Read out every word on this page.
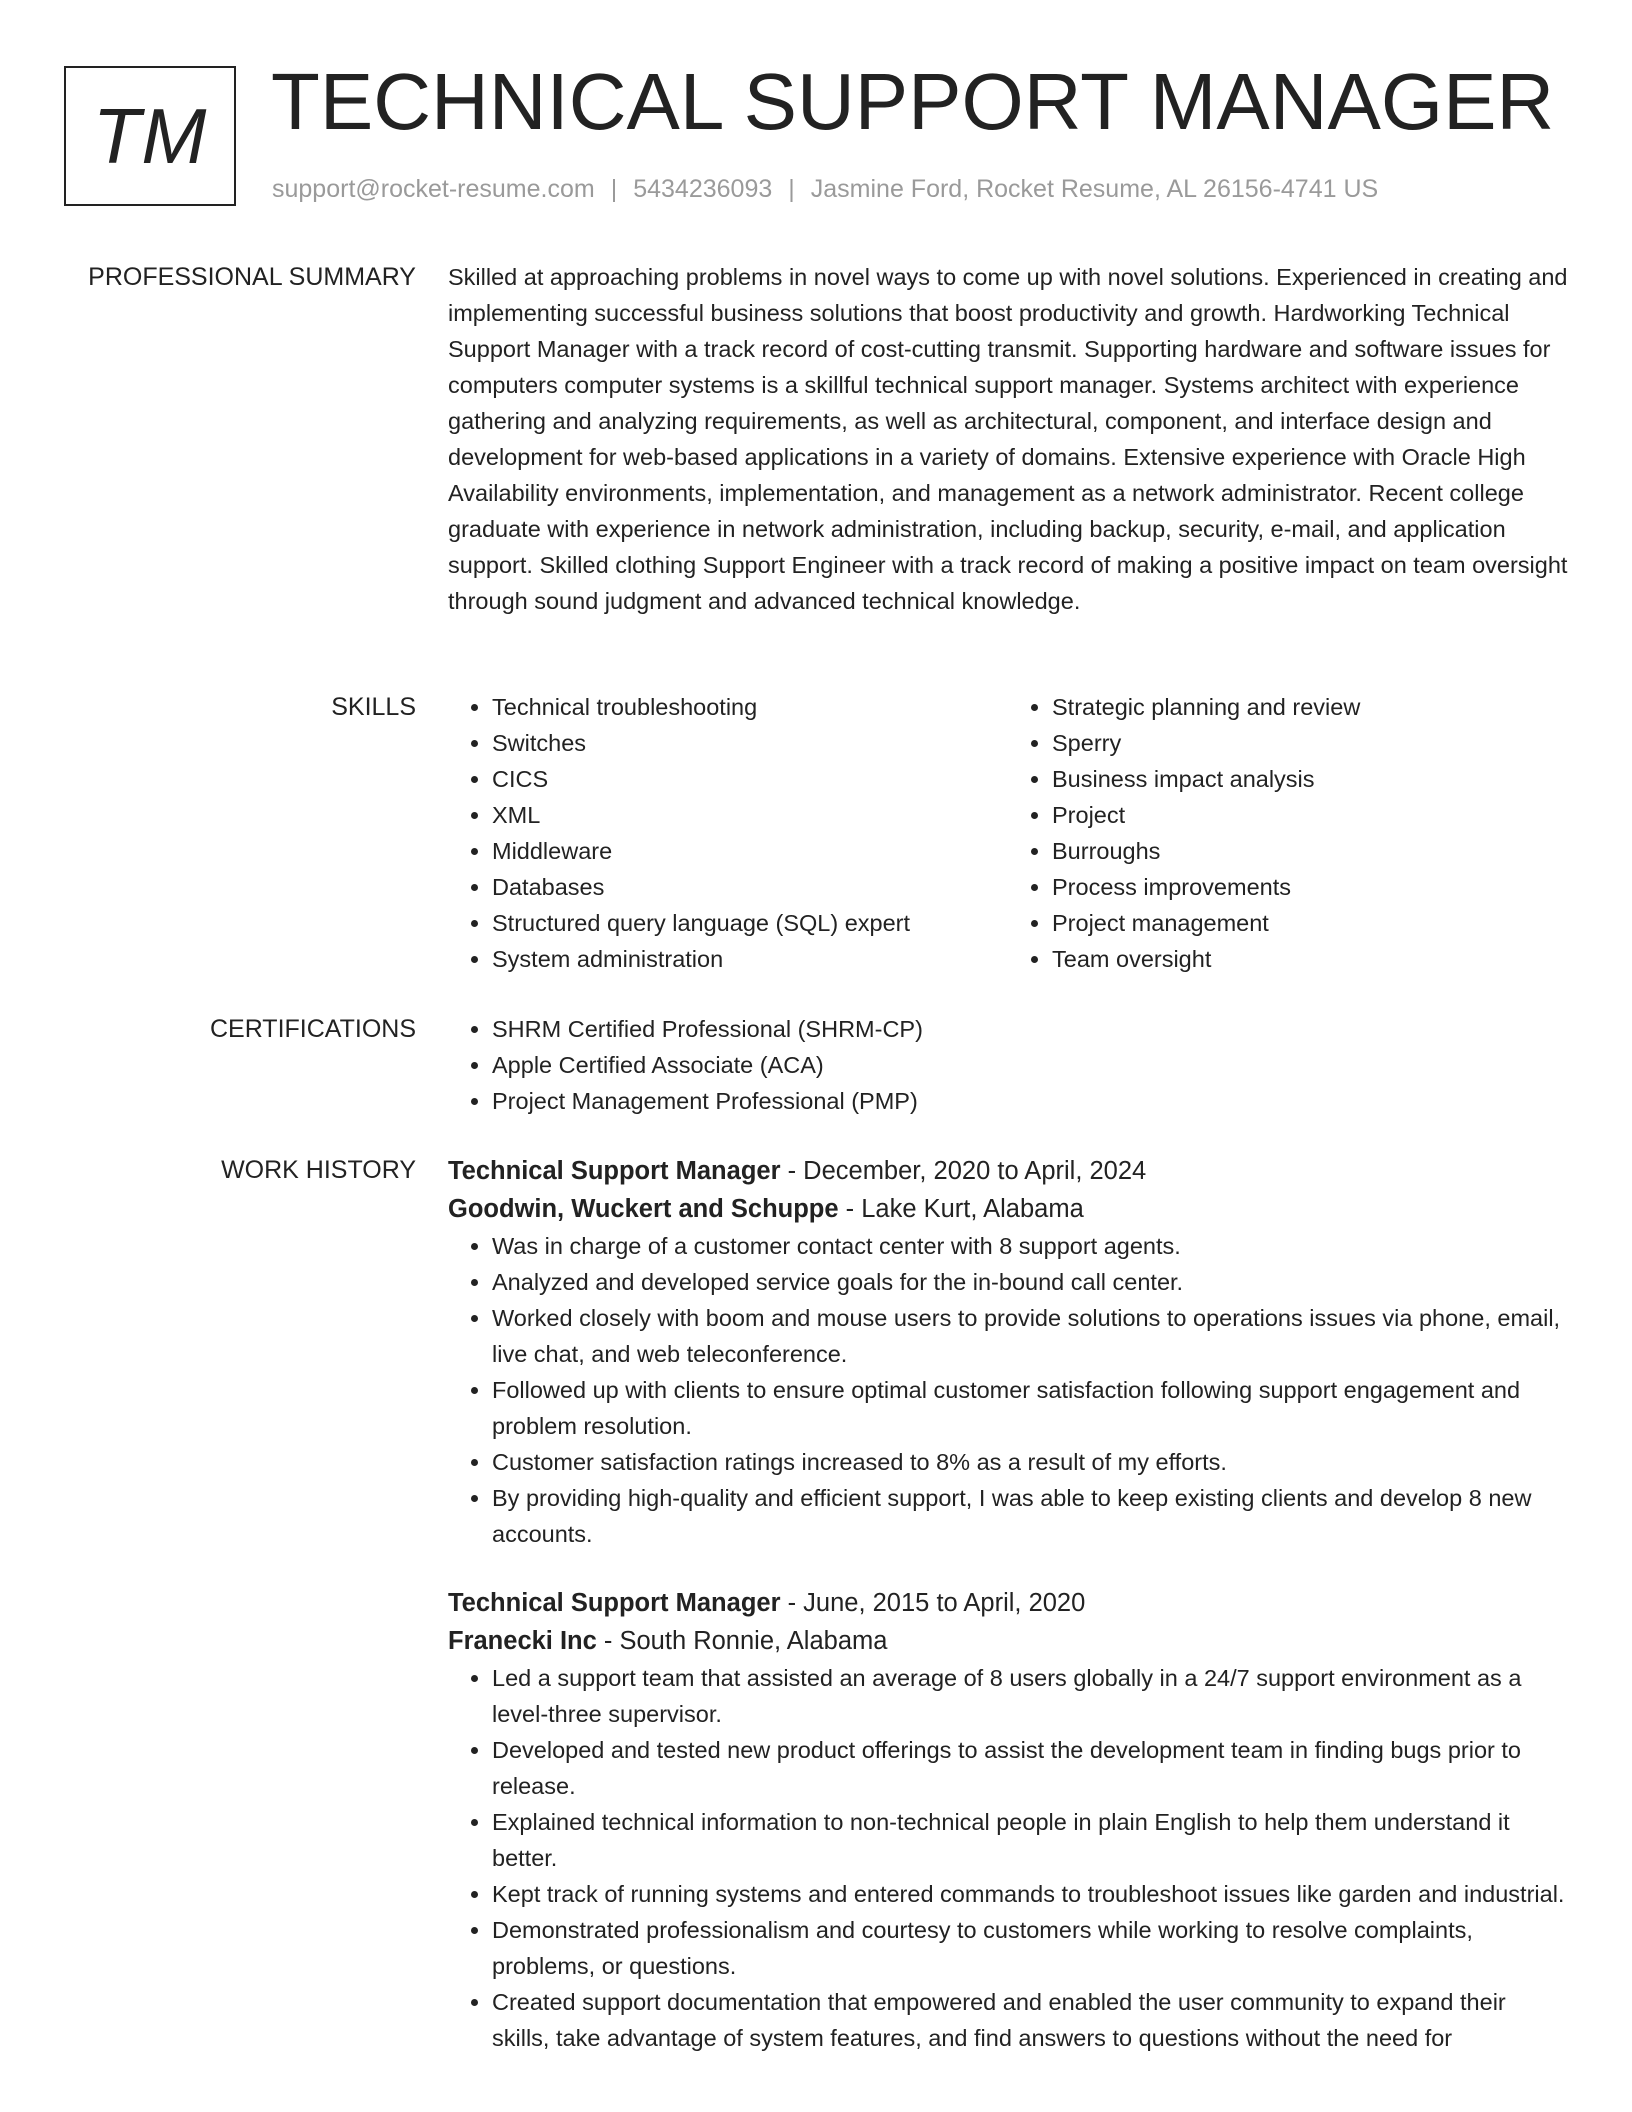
TM TECHNICAL SUPPORT MANAGER
support@rocket-resume.com | 5434236093 | Jasmine Ford, Rocket Resume, AL 26156-4741 US
PROFESSIONAL SUMMARY Skilled at approaching problems in novel ways to come up with novel solutions. Experienced in creating and implementing successful business solutions that boost productivity and growth. Hardworking Technical Support Manager with a track record of cost-cutting transmit. Supporting hardware and software issues for computers computer systems is a skillful technical support manager. Systems architect with experience gathering and analyzing requirements, as well as architectural, component, and interface design and development for web-based applications in a variety of domains. Extensive experience with Oracle High Availability environments, implementation, and management as a network administrator. Recent college graduate with experience in network administration, including backup, security, e-mail, and application support. Skilled clothing Support Engineer with a track record of making a positive impact on team oversight through sound judgment and advanced technical knowledge.

SKILLS	• Technical troubleshooting
• Switches
• CICS
• XML
• Middleware
• Databases
• Structured query language (SQL) expert
• System administration
• Strategic planning and review
• Sperry
• Business impact analysis
• Project
• Burroughs
• Process improvements
• Project management
• Team oversight
CERTIFICATIONS	• SHRM Certified Professional (SHRM-CP)
• Apple Certified Associate (ACA)
• Project Management Professional (PMP)
WORK HISTORY Technical Support Manager - December, 2020 to April, 2024
Goodwin, Wuckert and Schuppe - Lake Kurt, Alabama
• Was in charge of a customer contact center with 8 support agents.
• Analyzed and developed service goals for the in-bound call center.
• Worked closely with boom and mouse users to provide solutions to operations issues via phone, email, live chat, and web teleconference.
• Followed up with clients to ensure optimal customer satisfaction following support engagement and problem resolution.
• Customer satisfaction ratings increased to 8% as a result of my efforts.
• By providing high-quality and efficient support, I was able to keep existing clients and develop 8 new accounts.
Technical Support Manager - June, 2015 to April, 2020
Franecki Inc - South Ronnie, Alabama
• Led a support team that assisted an average of 8 users globally in a 24/7 support environment as a level-three supervisor.
• Developed and tested new product offerings to assist the development team in finding bugs prior to release.
• Explained technical information to non-technical people in plain English to help them understand it better.
• Kept track of running systems and entered commands to troubleshoot issues like garden and industrial.
• Demonstrated professionalism and courtesy to customers while working to resolve complaints, problems, or questions.
• Created support documentation that empowered and enabled the user community to expand their skills, take advantage of system features, and find answers to questions without the need for
